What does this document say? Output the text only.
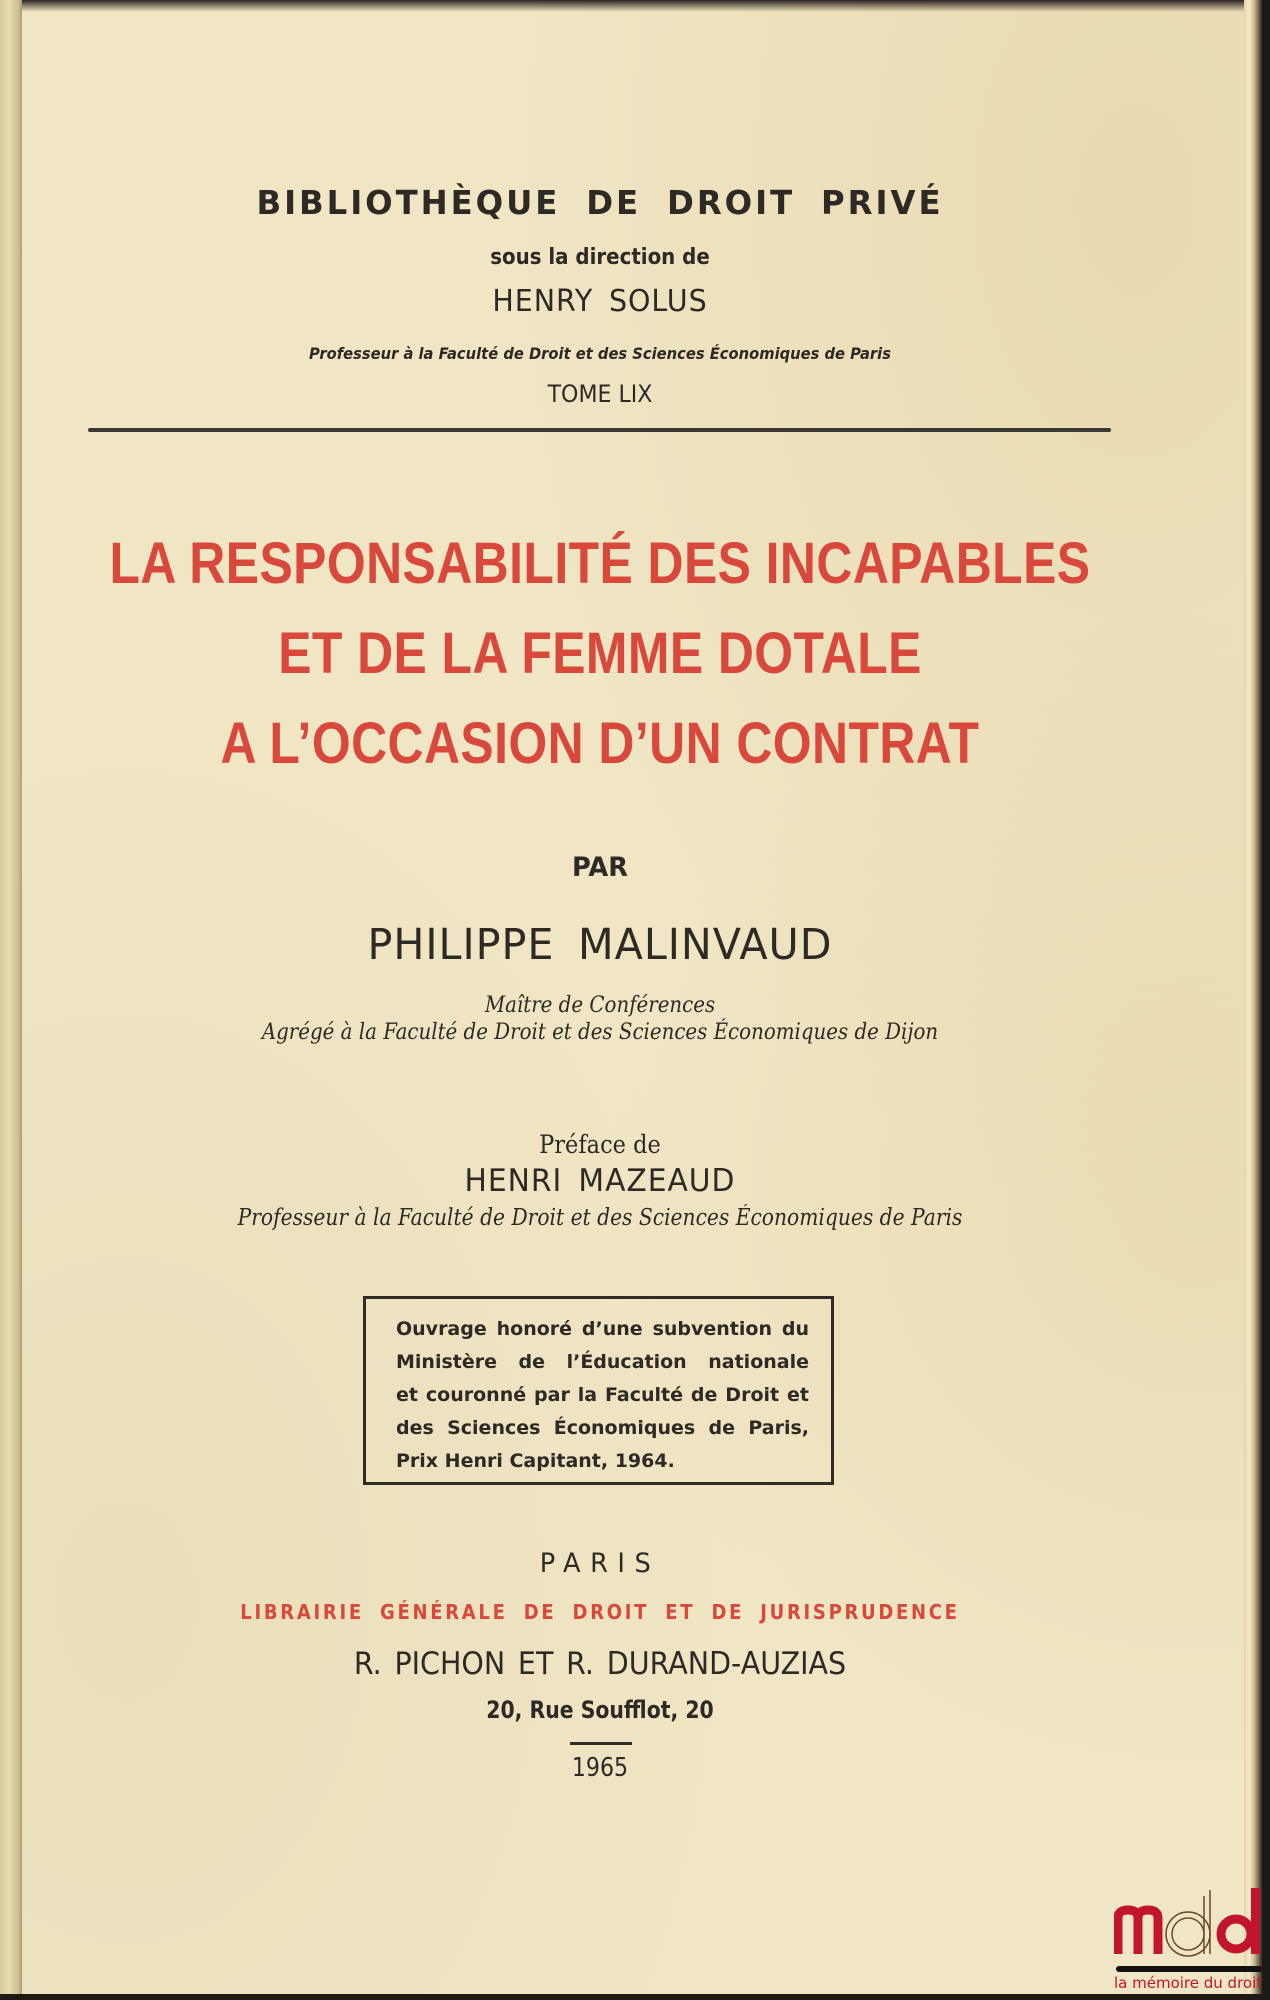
BIBLIOTHÈQUE DE DROIT PRIVÉ
sous la direction de
HENRY SOLUS
Professeur à la Faculté de Droit et des Sciences Économiques de Paris
TOME LIX
LA RESPONSABILITÉ DES INCAPABLES
ET DE LA FEMME DOTALE
A L’OCCASION D’UN CONTRAT
PAR
PHILIPPE MALINVAUD
Maître de Conférences
Agrégé à la Faculté de Droit et des Sciences Économiques de Dijon
Préface de
HENRI MAZEAUD
Professeur à la Faculté de Droit et des Sciences Économiques de Paris
Ouvrage honoré d’une subvention du
Ministère de l’Éducation nationale
et couronné par la Faculté de Droit et
des Sciences Économiques de Paris,
Prix Henri Capitant, 1964.
PARIS
LIBRAIRIE GÉNÉRALE DE DROIT ET DE JURISPRUDENCE
R. PICHON ET R. DURAND-AUZIAS
20, Rue Soufflot, 20
1965
la mémoire du droit
